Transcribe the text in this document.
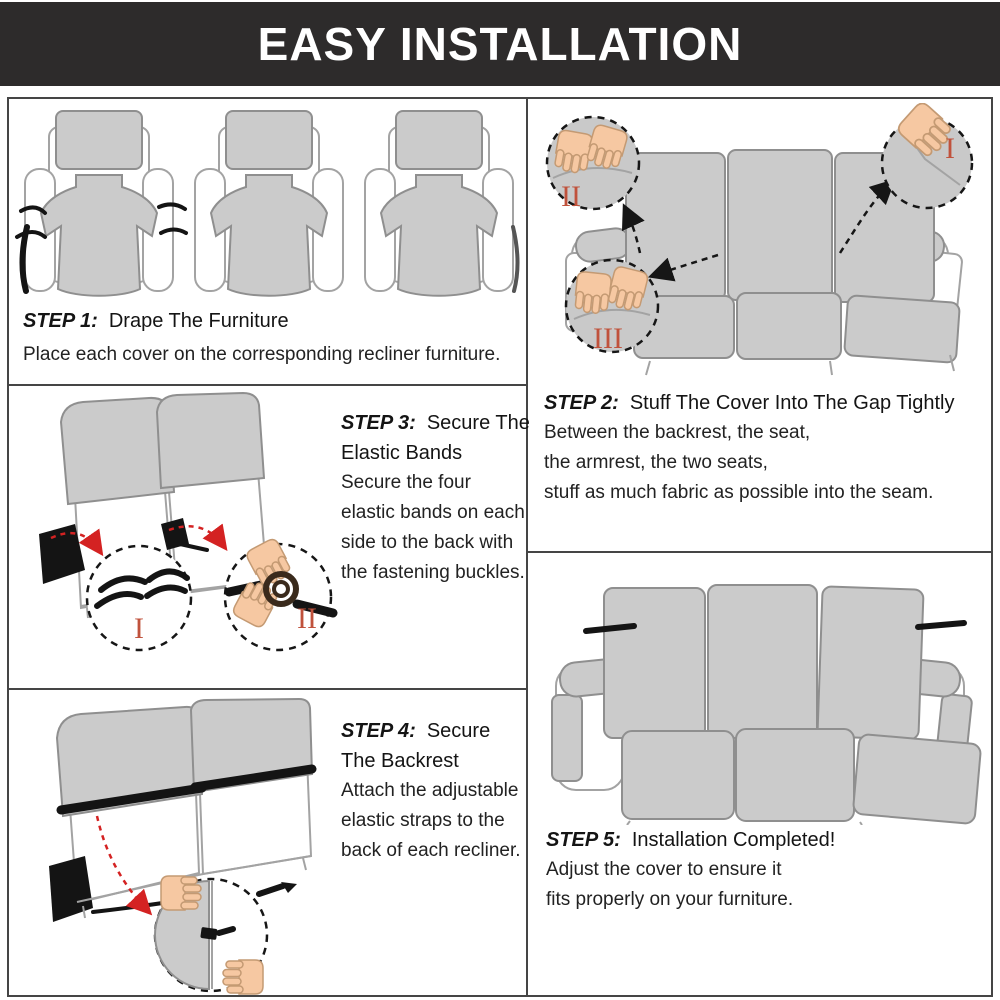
EASY INSTALLATION
STEP 1: Drape The Furniture
Place each cover on the corresponding recliner furniture.
II
I
III
STEP 2: Stuff The Cover Into The Gap Tightly
Between the backrest, the seat,
the armrest, the two seats,
stuff as much fabric as possible into the seam.
I	II
STEP 3: Secure The
Elastic Bands
Secure the four
elastic bands on each
side to the back with
the fastening buckles.
STEP 4: Secure
The Backrest
Attach the adjustable
elastic straps to the
back of each recliner. STEP 5: Installation Completed!
Adjust the cover to ensure it
fits properly on your furniture.
